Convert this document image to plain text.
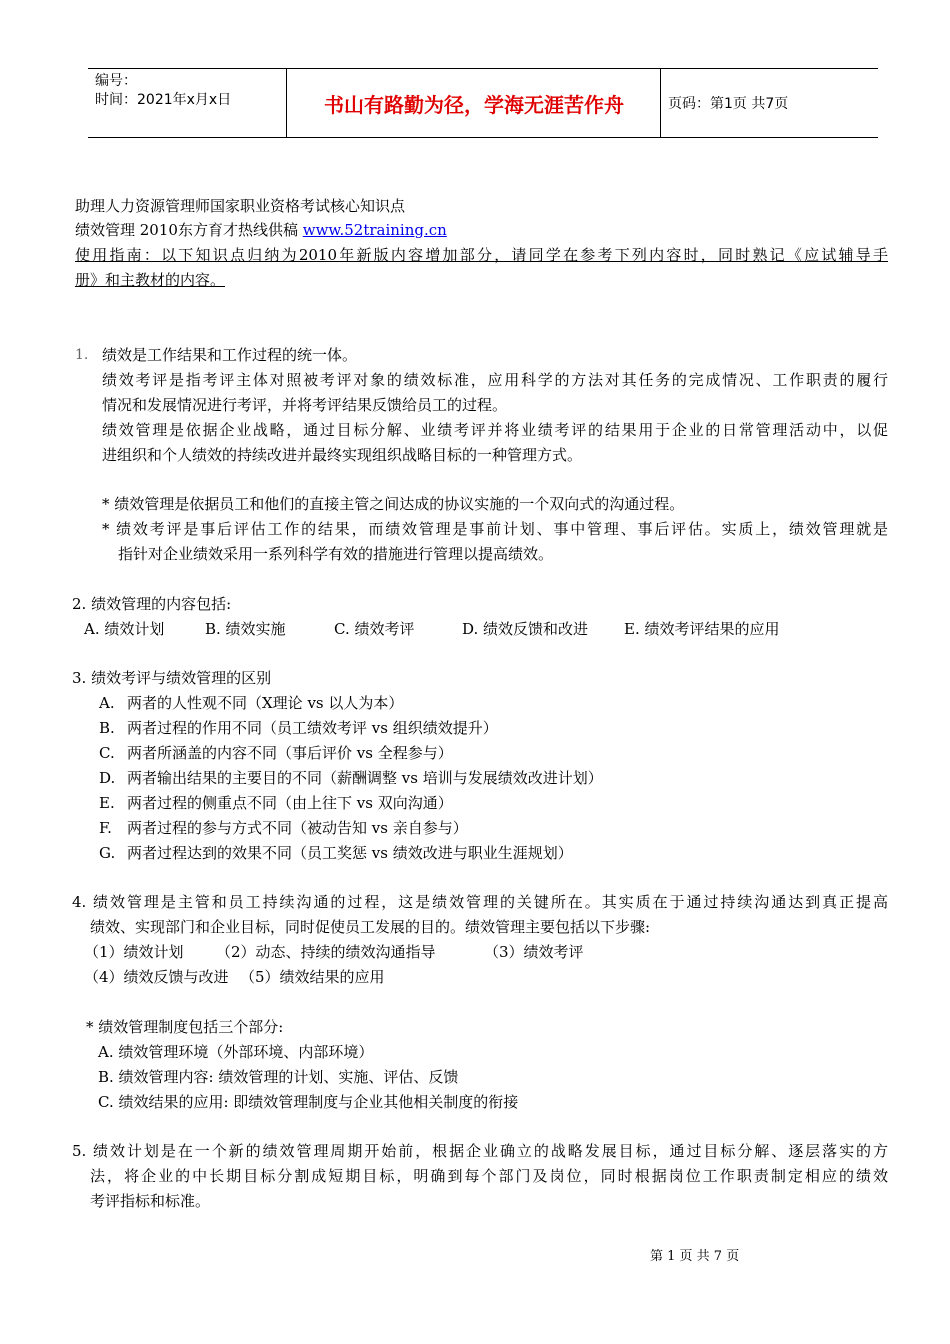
编号：
时间：2021年x月x日	书山有路勤为径，学海无涯苦作舟	页码：第1页 共7页
助理人力资源管理师国家职业资格考试核心知识点
绩效管理 2010东方育才热线供稿 www.52training.cn
使用指南：以下知识点归纳为2010年新版内容增加部分，请同学在参考下列内容时，同时熟记《应试辅导手
册》和主教材的内容。
1. 绩效是工作结果和工作过程的统一体。
绩效考评是指考评主体对照被考评对象的绩效标准，应用科学的方法对其任务的完成情况、工作职责的履行
情况和发展情况进行考评，并将考评结果反馈给员工的过程。
绩效管理是依据企业战略，通过目标分解、业绩考评并将业绩考评的结果用于企业的日常管理活动中，以促
进组织和个人绩效的持续改进并最终实现组织战略目标的一种管理方式。
* 绩效管理是依据员工和他们的直接主管之间达成的协议实施的一个双向式的沟通过程。
* 绩效考评是事后评估工作的结果，而绩效管理是事前计划、事中管理、事后评估。实质上，绩效管理就是
指针对企业绩效采用一系列科学有效的措施进行管理以提高绩效。
2. 绩效管理的内容包括:
A. 绩效计划	B. 绩效实施	C. 绩效考评	D. 绩效反馈和改进 E. 绩效考评结果的应用
3. 绩效考评与绩效管理的区别
A. 两者的人性观不同（X理论 vs 以人为本）
B. 两者过程的作用不同（员工绩效考评 vs 组织绩效提升）
C. 两者所涵盖的内容不同（事后评价 vs 全程参与）
D. 两者输出结果的主要目的不同（薪酬调整 vs 培训与发展绩效改进计划）
E. 两者过程的侧重点不同（由上往下 vs 双向沟通）
F. 两者过程的参与方式不同（被动告知 vs 亲自参与）
G. 两者过程达到的效果不同（员工奖惩 vs 绩效改进与职业生涯规划）
4. 绩效管理是主管和员工持续沟通的过程，这是绩效管理的关键所在。其实质在于通过持续沟通达到真正提高
绩效、实现部门和企业目标，同时促使员工发展的目的。绩效管理主要包括以下步骤:
（1）绩效计划 （2）动态、持续的绩效沟通指导	（3）绩效考评
（4）绩效反馈与改进 （5）绩效结果的应用
* 绩效管理制度包括三个部分:
A. 绩效管理环境（外部环境、内部环境）
B. 绩效管理内容: 绩效管理的计划、实施、评估、反馈
C. 绩效结果的应用: 即绩效管理制度与企业其他相关制度的衔接
5. 绩效计划是在一个新的绩效管理周期开始前，根据企业确立的战略发展目标，通过目标分解、逐层落实的方
法，将企业的中长期目标分割成短期目标，明确到每个部门及岗位，同时根据岗位工作职责制定相应的绩效
考评指标和标准。
第 1 页 共 7 页
